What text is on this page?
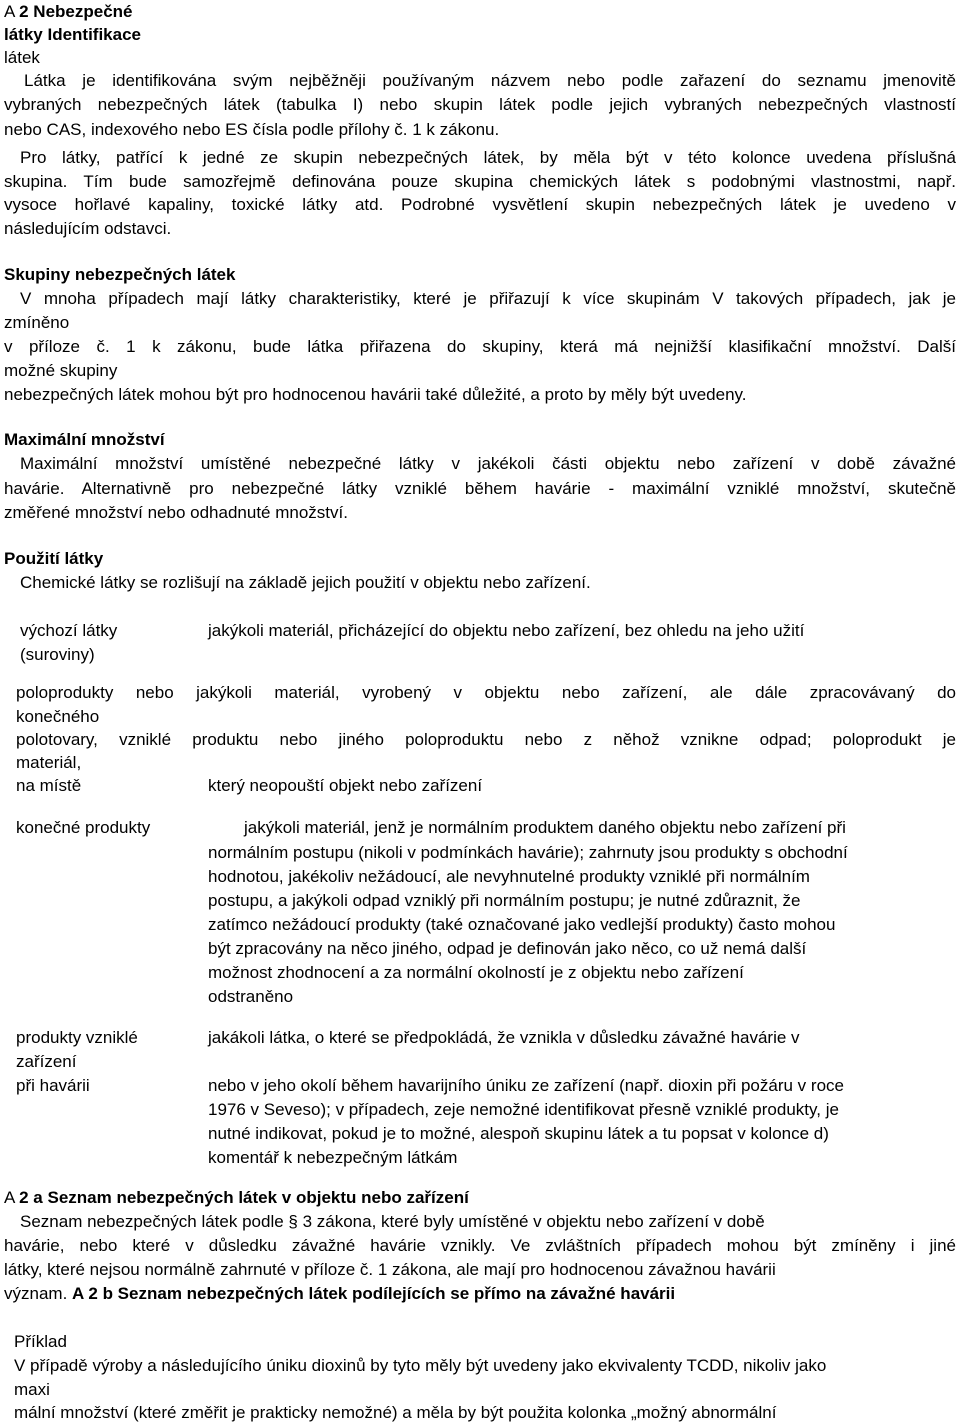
A 2 Nebezpečné
látky Identifikace
látek
Látka je identifikována svým nejběžněji používaným názvem nebo podle zařazení do seznamu jmenovitě
vybraných nebezpečných látek (tabulka I) nebo skupin látek podle jejich vybraných nebezpečných vlastností
nebo CAS, indexového nebo ES čísla podle přílohy č. 1 k zákonu.
Pro látky, patřící k jedné ze skupin nebezpečných látek, by měla být v této kolonce uvedena příslušná
skupina. Tím bude samozřejmě definována pouze skupina chemických látek s podobnými vlastnostmi, např.
vysoce hořlavé kapaliny, toxické látky atd. Podrobné vysvětlení skupin nebezpečných látek je uvedeno v
následujícím odstavci.
Skupiny nebezpečných látek
V mnoha případech mají látky charakteristiky, které je přiřazují k více skupinám V takových případech, jak je
zmíněno
v příloze č. 1 k zákonu, bude látka přiřazena do skupiny, která má nejnižší klasifikační množství. Další
možné skupiny
nebezpečných látek mohou být pro hodnocenou havárii také důležité, a proto by měly být uvedeny.
Maximální množství
Maximální množství umístěné nebezpečné látky v jakékoli části objektu nebo zařízení v době závažné
havárie. Alternativně pro nebezpečné látky vzniklé během havárie - maximální vzniklé množství, skutečně
změřené množství nebo odhadnuté množství.
Použití látky
Chemické látky se rozlišují na základě jejich použití v objektu nebo zařízení.
výchozí látky
(suroviny)
jakýkoli materiál, přicházející do objektu nebo zařízení, bez ohledu na jeho užití
poloprodukty nebo jakýkoli materiál, vyrobený v objektu nebo zařízení, ale dále zpracovávaný do
konečného
polotovary, vzniklé produktu nebo jiného poloproduktu nebo z něhož vznikne odpad; poloprodukt je
materiál,
na místě	který neopouští objekt nebo zařízení
konečné produkty	jakýkoli materiál, jenž je normálním produktem daného objektu nebo zařízení při
normálním postupu (nikoli v podmínkách havárie); zahrnuty jsou produkty s obchodní
hodnotou, jakékoliv nežádoucí, ale nevyhnutelné produkty vzniklé při normálním
postupu, a jakýkoli odpad vzniklý při normálním postupu; je nutné zdůraznit, že
zatímco nežádoucí produkty (také označované jako vedlejší produkty) často mohou
být zpracovány na něco jiného, odpad je definován jako něco, co už nemá další
možnost zhodnocení a za normální okolností je z objektu nebo zařízení
odstraněno
produkty vzniklé
zařízení
při havárii
jakákoli látka, o které se předpokládá, že vznikla v důsledku závažné havárie v
nebo v jeho okolí během havarijního úniku ze zařízení (např. dioxin při požáru v roce
1976 v Seveso); v případech, zeje nemožné identifikovat přesně vzniklé produkty, je
nutné indikovat, pokud je to možné, alespoň skupinu látek a tu popsat v kolonce d)
komentář k nebezpečným látkám
A 2 a Seznam nebezpečných látek v objektu nebo zařízení
Seznam nebezpečných látek podle § 3 zákona, které byly umístěné v objektu nebo zařízení v době
havárie, nebo které v důsledku závažné havárie vznikly. Ve zvláštních případech mohou být zmíněny i jiné
látky, které nejsou normálně zahrnuté v příloze č. 1 zákona, ale mají pro hodnocenou závažnou havárii
význam. A 2 b Seznam nebezpečných látek podílejících se přímo na závažné havárii
Příklad
V případě výroby a následujícího úniku dioxinů by tyto měly být uvedeny jako ekvivalenty TCDD, nikoliv jako
maxi
mální množství (které změřit je prakticky nemožné) a měla by být použita kolonka „možný abnormální
